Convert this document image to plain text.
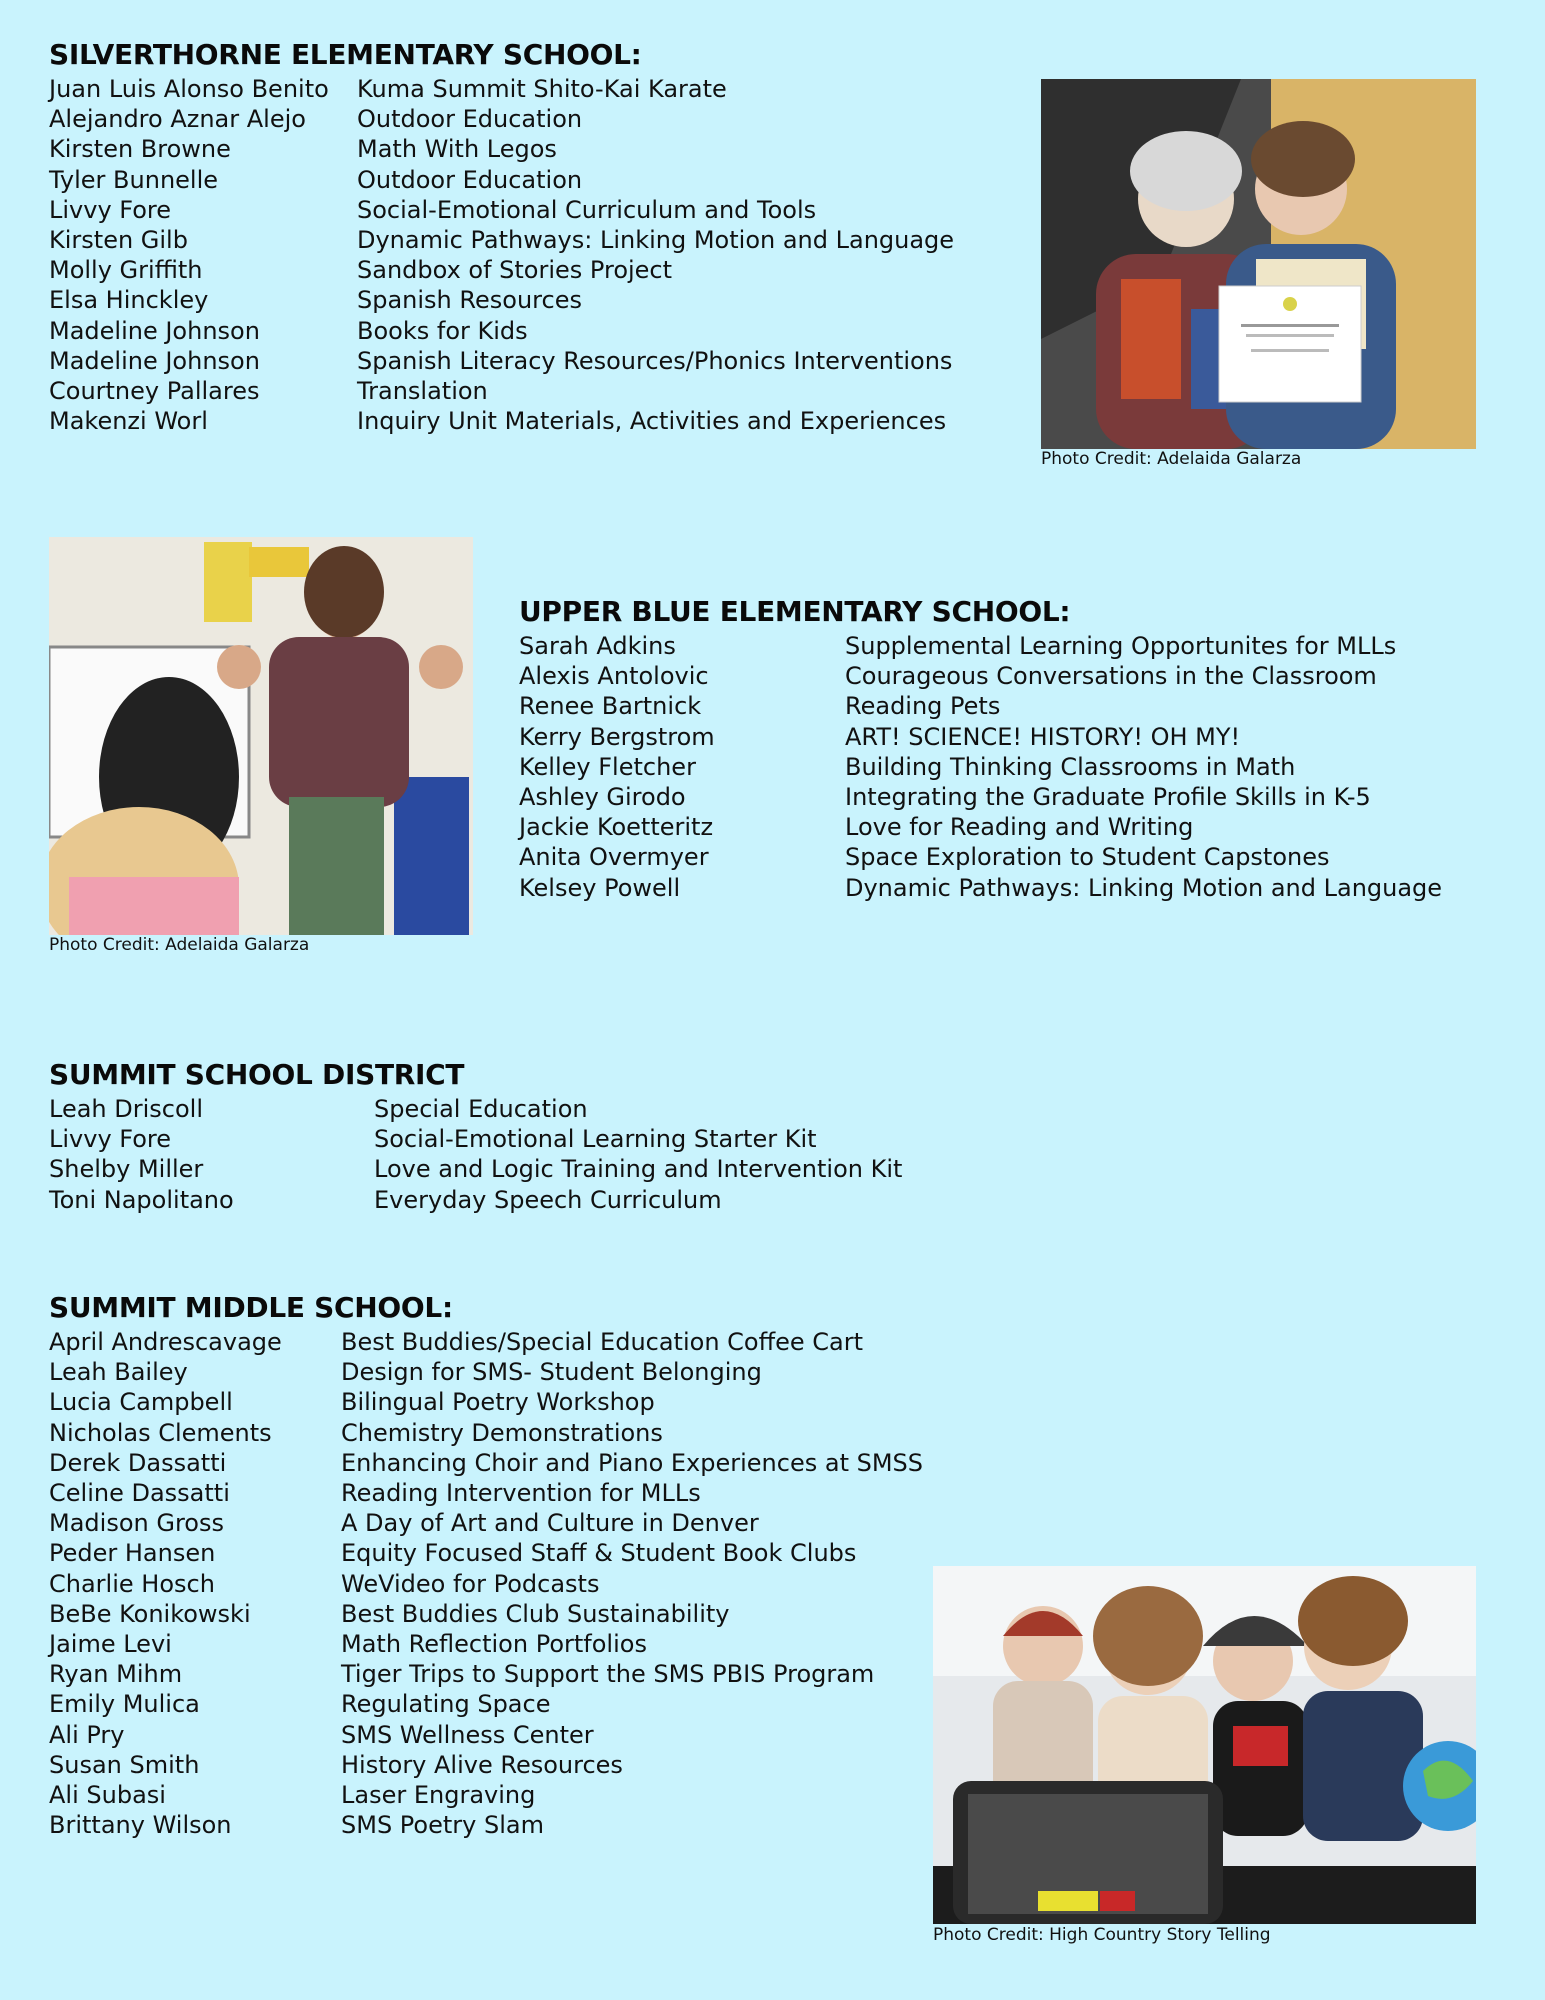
SILVERTHORNE ELEMENTARY SCHOOL:
Juan Luis Alonso Benito	Kuma Summit Shito-Kai Karate
Alejandro Aznar Alejo	Outdoor Education
Kirsten Browne	Math With Legos
Tyler Bunnelle	Outdoor Education
Livvy Fore	Social-Emotional Curriculum and Tools
Kirsten Gilb	Dynamic Pathways: Linking Motion and Language
Molly Griffith	Sandbox of Stories Project
Elsa Hinckley	Spanish Resources
Madeline Johnson	Books for Kids
Madeline Johnson	Spanish Literacy Resources/Phonics Interventions
Courtney Pallares	Translation
Makenzi Worl	Inquiry Unit Materials, Activities and Experiences
UPPER BLUE ELEMENTARY SCHOOL:
Sarah Adkins	Supplemental Learning Opportunites for MLLs
Alexis Antolovic	Courageous Conversations in the Classroom
Renee Bartnick	Reading Pets
Kerry Bergstrom	ART! SCIENCE! HISTORY! OH MY!
Kelley Fletcher	Building Thinking Classrooms in Math
Ashley Girodo	Integrating the Graduate Profile Skills in K-5
Jackie Koetteritz	Love for Reading and Writing
Anita Overmyer	Space Exploration to Student Capstones
Kelsey Powell	Dynamic Pathways: Linking Motion and Language
SUMMIT SCHOOL DISTRICT
Leah Driscoll	Special Education
Livvy Fore	Social-Emotional Learning Starter Kit
Shelby Miller	Love and Logic Training and Intervention Kit
Toni Napolitano	Everyday Speech Curriculum
SUMMIT MIDDLE SCHOOL:
April Andrescavage	Best Buddies/Special Education Coffee Cart
Leah Bailey	Design for SMS- Student Belonging
Lucia Campbell	Bilingual Poetry Workshop
Nicholas Clements	Chemistry Demonstrations
Derek Dassatti	Enhancing Choir and Piano Experiences at SMSS
Celine Dassatti	Reading Intervention for MLLs
Madison Gross	A Day of Art and Culture in Denver
Peder Hansen	Equity Focused Staff & Student Book Clubs
Charlie Hosch	WeVideo for Podcasts
BeBe Konikowski	Best Buddies Club Sustainability
Jaime Levi	Math Reflection Portfolios
Ryan Mihm	Tiger Trips to Support the SMS PBIS Program
Emily Mulica	Regulating Space
Ali Pry	SMS Wellness Center
Susan Smith	History Alive Resources
Ali Subasi	Laser Engraving
Brittany Wilson	SMS Poetry Slam
Photo Credit: Adelaida Galarza
Photo Credit: Adelaida Galarza
Photo Credit: High Country Story Telling
